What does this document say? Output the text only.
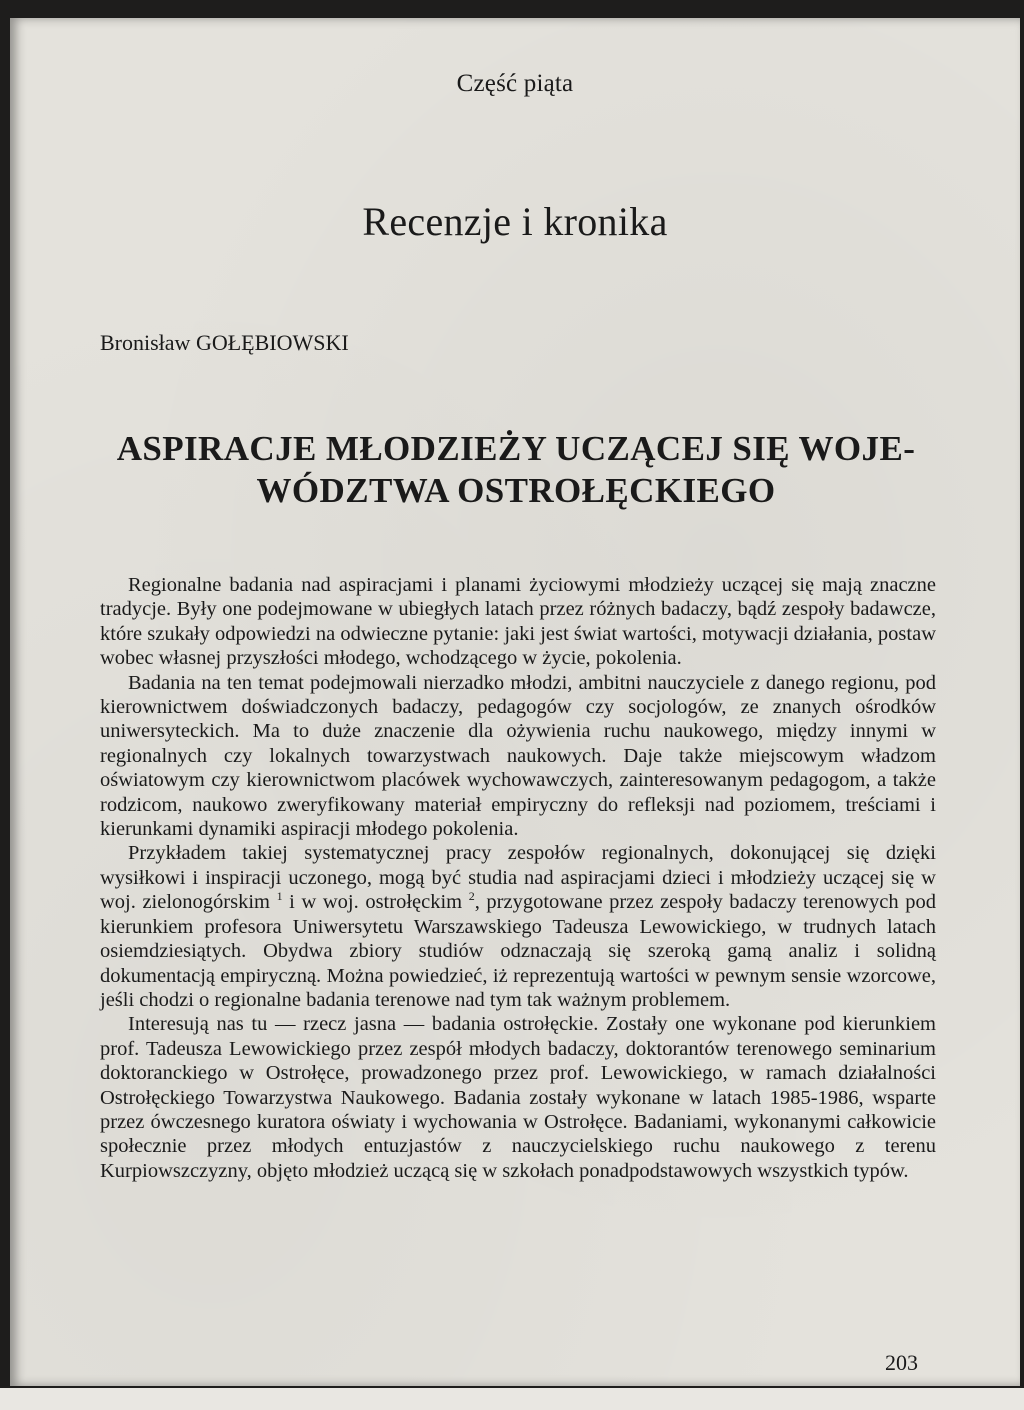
Część piąta
Recenzje i kronika
Bronisław GOŁĘBIOWSKI
ASPIRACJE MŁODZIEŻY UCZĄCEJ SIĘ WOJE-
WÓDZTWA OSTROŁĘCKIEGO

Regionalne badania nad aspiracjami i planami życiowymi młodzieży uczącej się mają znaczne tradycje. Były one podejmowane w ubiegłych latach przez różnych badaczy, bądź zespoły badawcze, które szukały odpowiedzi na odwieczne pytanie: jaki jest świat wartości, motywacji działania, postaw wobec własnej przyszłości młodego, wchodzącego w życie, pokolenia.

Badania na ten temat podejmowali nierzadko młodzi, ambitni nauczyciele z danego regionu, pod kierownictwem doświadczonych badaczy, pedagogów czy socjologów, ze znanych ośrodków uniwersyteckich. Ma to duże znaczenie dla ożywienia ruchu naukowego, między innymi w regionalnych czy lokalnych towarzystwach naukowych. Daje także miejscowym władzom oświatowym czy kierownictwom placówek wychowawczych, zainteresowanym pedagogom, a także rodzicom, naukowo zweryfikowany materiał empiryczny do refleksji nad poziomem, treściami i kierunkami dynamiki aspiracji młodego pokolenia.

Przykładem takiej systematycznej pracy zespołów regionalnych, dokonującej się dzięki wysiłkowi i inspiracji uczonego, mogą być studia nad aspiracjami dzieci i młodzieży uczącej się w woj. zielonogórskim $^1$ i w woj. ostrołęckim $^2$, przygotowane przez zespoły badaczy terenowych pod kierunkiem profesora Uniwersytetu Warszawskiego Tadeusza Lewowickiego, w trudnych latach osiemdziesiątych. Obydwa zbiory studiów odznaczają się szeroką gamą analiz i solidną dokumentacją empiryczną. Można powiedzieć, iż reprezentują wartości w pewnym sensie wzorcowe, jeśli chodzi o regionalne badania terenowe nad tym tak ważnym problemem.

Interesują nas tu — rzecz jasna — badania ostrołęckie. Zostały one wykonane pod kierunkiem prof. Tadeusza Lewowickiego przez zespół młodych badaczy, doktorantów terenowego seminarium doktoranckiego w Ostrołęce, prowadzonego przez prof. Lewowickiego, w ramach działalności Ostrołęckiego Towarzystwa Naukowego. Badania zostały wykonane w latach 1985-1986, wsparte przez ówczesnego kuratora oświaty i wychowania w Ostrołęce. Badaniami, wykonanymi całkowicie społecznie przez młodych entuzjastów z nauczycielskiego ruchu naukowego z terenu Kurpiowszczyzny, objęto młodzież uczącą się w szkołach ponadpodstawowych wszystkich typów.

203
